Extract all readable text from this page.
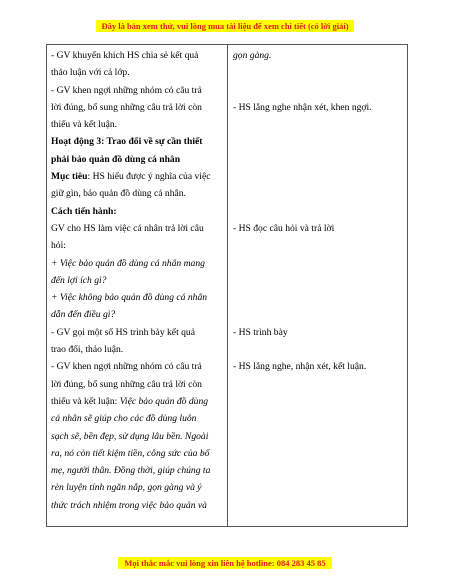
Đây là bản xem thử, vui lòng mua tài liệu để xem chi tiết (có lời giải)
- GV khuyến khích HS chia sẻ kết quả
thảo luận với cả lớp.
- GV khen ngợi những nhóm có câu trả
lời đúng, bổ sung những câu trả lời còn
thiếu và kết luận.
Hoạt động 3: Trao đổi về sự cần thiết
phải bảo quản đồ dùng cá nhân
Mục tiêu: HS hiểu được ý nghĩa của việc
giữ gìn, bảo quản đồ dùng cá nhân.
Cách tiến hành:
GV cho HS làm việc cá nhân trả lời câu
hỏi:
+ Việc bảo quản đồ dùng cá nhân mang
đến lợi ích gì?
+ Việc không bảo quản đồ dùng cá nhân
dẫn đến điều gì?
- GV gọi một số HS trình bày kết quả
trao đổi, thảo luận.
- GV khen ngợi những nhóm có câu trả
lời đúng, bổ sung những câu trả lời còn
thiếu và kết luận: Việc bảo quản đồ dùng
cá nhân sẽ giúp cho các đồ dùng luôn
sạch sẽ, bền đẹp, sử dụng lâu bền. Ngoài
ra, nó còn tiết kiệm tiền, công sức của bố
mẹ, người thân. Đồng thời, giúp chúng ta
rèn luyện tính ngăn nắp, gọn gàng và ý
thức trách nhiệm trong việc bảo quản và
gọn gàng.
- HS lắng nghe nhận xét, khen ngợi.
- HS đọc câu hỏi và trả lời
- HS trình bày
- HS lắng nghe, nhận xét, kết luận.
Mọi thắc mắc vui lòng xin liên hệ hotline: 084 283 45 85
